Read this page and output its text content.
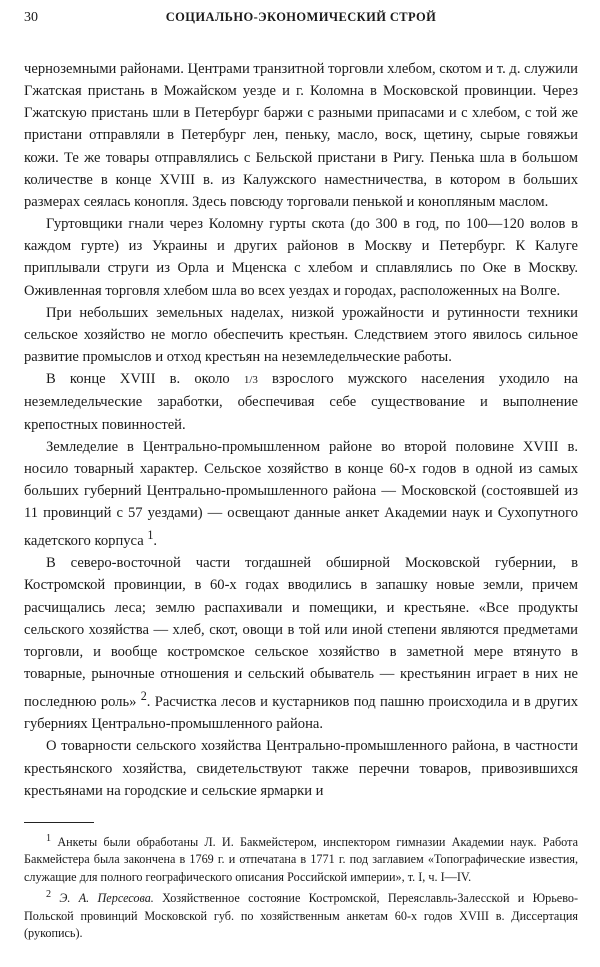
30	СОЦИАЛЬНО-ЭКОНОМИЧЕСКИЙ СТРОЙ

черноземными районами. Центрами транзитной торговли хлебом, скотом и т. д. служили Гжатская пристань в Можайском уезде и г. Коломна в Московской провинции. Через Гжатскую пристань шли в Петербург баржи с разными припасами и с хлебом, с той же пристани отправляли в Петербург лен, пеньку, масло, воск, щетину, сырые говяжьи кожи. Те же товары отправлялись с Бельской пристани в Ригу. Пенька шла в большом количестве в конце XVIII в. из Калужского наместничества, в котором в больших размерах сеялась конопля. Здесь повсюду торговали пенькой и конопляным маслом.

Гуртовщики гнали через Коломну гурты скота (до 300 в год, по 100—120 волов в каждом гурте) из Украины и других районов в Москву и Петербург. К Калуге приплывали струги из Орла и Мценска с хлебом и сплавлялись по Оке в Москву. Оживленная торговля хлебом шла во всех уездах и городах, расположенных на Волге.

При небольших земельных наделах, низкой урожайности и рутинности техники сельское хозяйство не могло обеспечить крестьян. Следствием этого явилось сильное развитие промыслов и отход крестьян на неземледельческие работы.

В конце XVIII в. около 1/3 взрослого мужского населения уходило на неземледельческие заработки, обеспечивая себе существование и выполнение крепостных повинностей.

Земледелие в Центрально-промышленном районе во второй половине XVIII в. носило товарный характер. Сельское хозяйство в конце 60-х годов в одной из самых больших губерний Центрально-промышленного района — Московской (состоявшей из 11 провинций с 57 уездами) — освещают данные анкет Академии наук и Сухопутного кадетского корпуса $^1$.

В северо-восточной части тогдашней обширной Московской губернии, в Костромской провинции, в 60-х годах вводились в запашку новые земли, причем расчищались леса; землю распахивали и помещики, и крестьяне. «Все продукты сельского хозяйства — хлеб, скот, овощи в той или иной степени являются предметами торговли, и вообще костромское сельское хозяйство в заметной мере втянуто в товарные, рыночные отношения и сельский обыватель — крестьянин играет в них не последнюю роль» $^2$. Расчистка лесов и кустарников под пашню происходила и в других губерниях Центрально-промышленного района.

О товарности сельского хозяйства Центрально-промышленного района, в частности крестьянского хозяйства, свидетельствуют также перечни товаров, привозившихся крестьянами на городские и сельские ярмарки и

$^1$ Анкеты были обработаны Л. И. Бакмейстером, инспектором гимназии Академии наук. Работа Бакмейстера была закончена в 1769 г. и отпечатана в 1771 г. под заглавием «Топографические известия, служащие для полного географического описания Российской империи», т. I, ч. I—IV.

$^2$ Э. А. Персесова. Хозяйственное состояние Костромской, Переяславль-Залесской и Юрьево-Польской провинций Московской губ. по хозяйственным анкетам 60-х годов XVIII в. Диссертация (рукопись).
